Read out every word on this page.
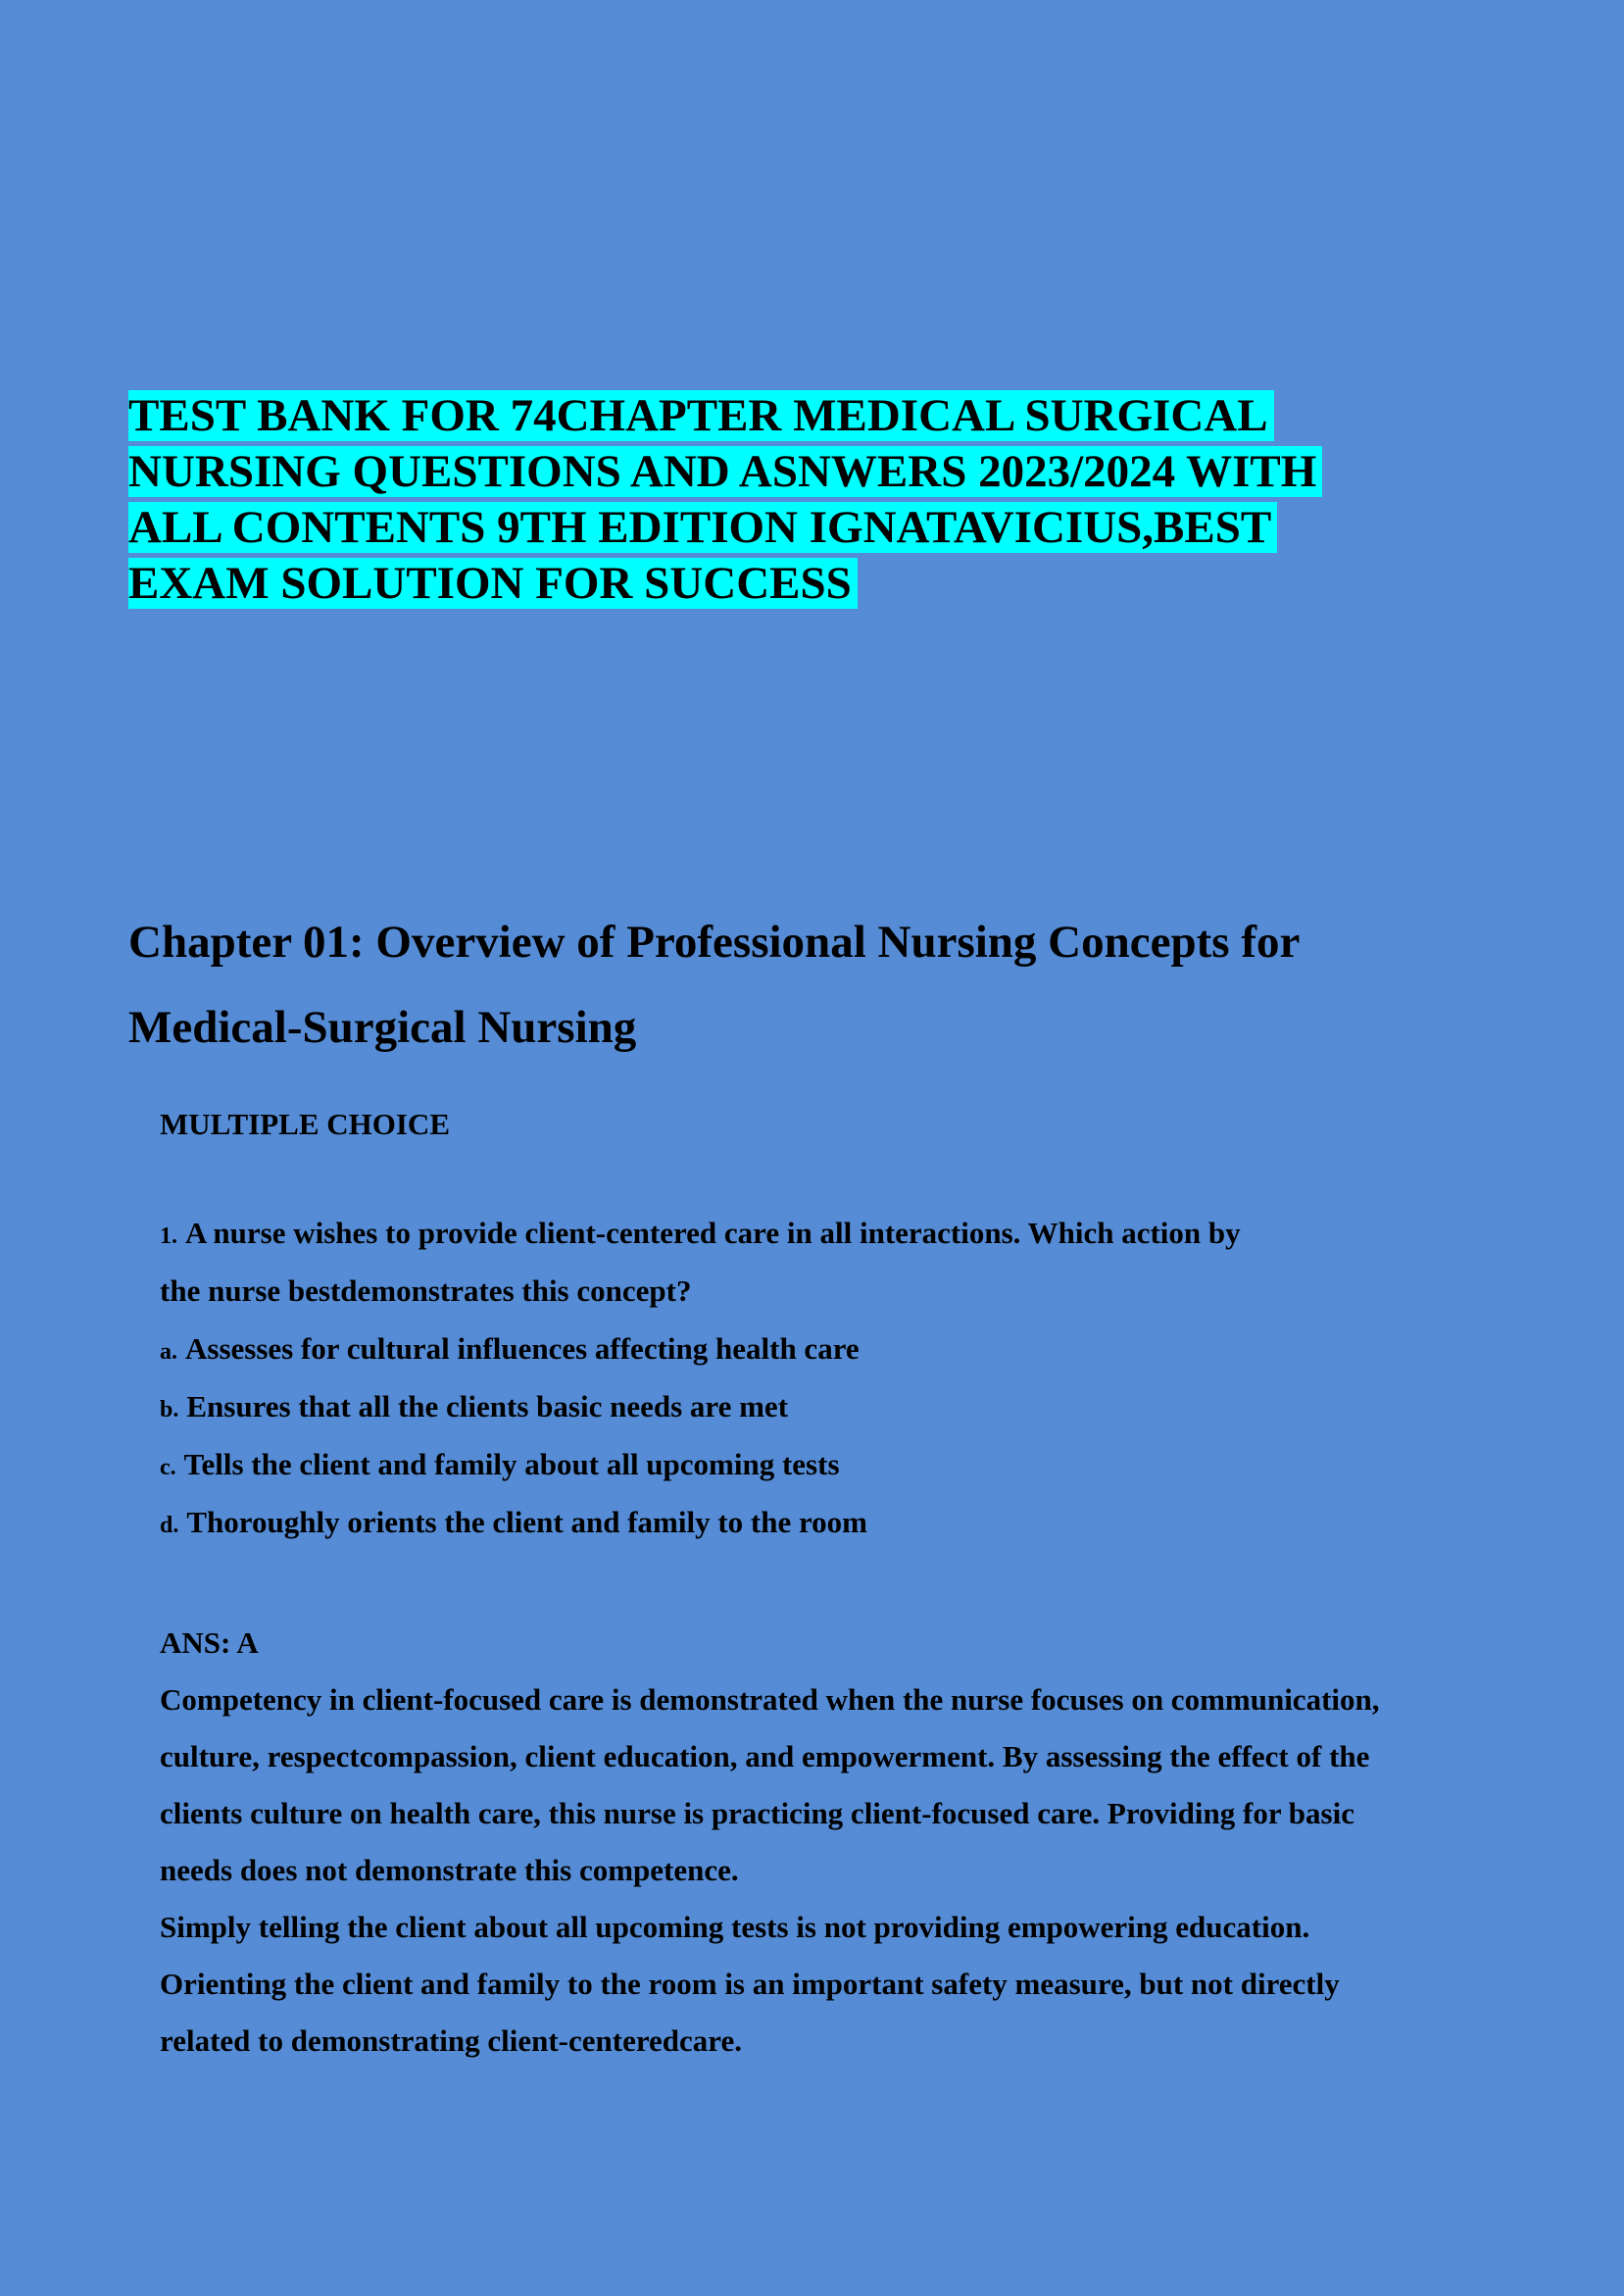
TEST BANK FOR 74CHAPTER MEDICAL SURGICAL
NURSING QUESTIONS AND ASNWERS 2023/2024 WITH
ALL CONTENTS 9TH EDITION IGNATAVICIUS,BEST
EXAM SOLUTION FOR SUCCESS
Chapter 01: Overview of Professional Nursing Concepts for
Medical-Surgical Nursing
MULTIPLE CHOICE
1. A nurse wishes to provide client-centered care in all interactions. Which action by
the nurse bestdemonstrates this concept?
a. Assesses for cultural influences affecting health care
b. Ensures that all the clients basic needs are met
c. Tells the client and family about all upcoming tests
d. Thoroughly orients the client and family to the room
ANS: A
Competency in client-focused care is demonstrated when the nurse focuses on communication,
culture, respectcompassion, client education, and empowerment. By assessing the effect of the
clients culture on health care, this nurse is practicing client-focused care. Providing for basic
needs does not demonstrate this competence.
Simply telling the client about all upcoming tests is not providing empowering education.
Orienting the client and family to the room is an important safety measure, but not directly
related to demonstrating client-centeredcare.
